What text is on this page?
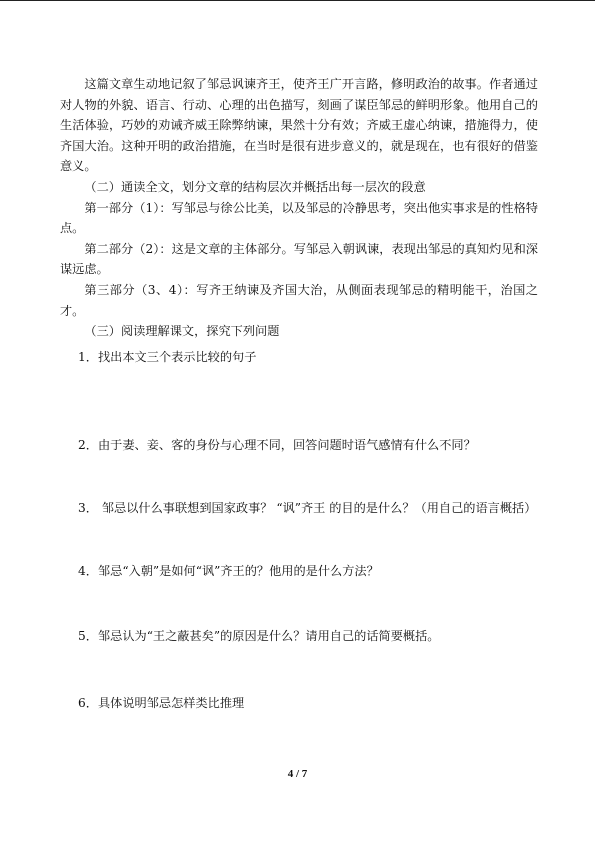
这篇文章生动地记叙了邹忌讽谏齐王，使齐王广开言路，修明政治的故事。作者通过对人物的外貌、语言、行动、心理的出色描写，刻画了谋臣邹忌的鲜明形象。他用自己的生活体验，巧妙的劝诫齐威王除弊纳谏，果然十分有效；齐威王虚心纳谏，措施得力，使齐国大治。这种开明的政治措施，在当时是很有进步意义的，就是现在，也有很好的借鉴意义。

（二）通读全文，划分文章的结构层次并概括出每一层次的段意

第一部分（1）：写邹忌与徐公比美，以及邹忌的冷静思考，突出他实事求是的性格特点。

第二部分（2）：这是文章的主体部分。写邹忌入朝讽谏，表现出邹忌的真知灼见和深谋远虑。

第三部分（3、4）：写齐王纳谏及齐国大治，从侧面表现邹忌的精明能干，治国之才。

（三）阅读理解课文，探究下列问题

1．找出本文三个表示比较的句子
2．由于妻、妾、客的身份与心理不同，回答问题时语气感情有什么不同？
3． 邹忌以什么事联想到国家政事？ “讽”齐王 的目的是什么？（用自己的语言概括）
4．邹忌“入朝”是如何“讽”齐王的？他用的是什么方法？
5．邹忌认为“王之蔽甚矣”的原因是什么？请用自己的话简要概括。
6．具体说明邹忌怎样类比推理
4 / 7
